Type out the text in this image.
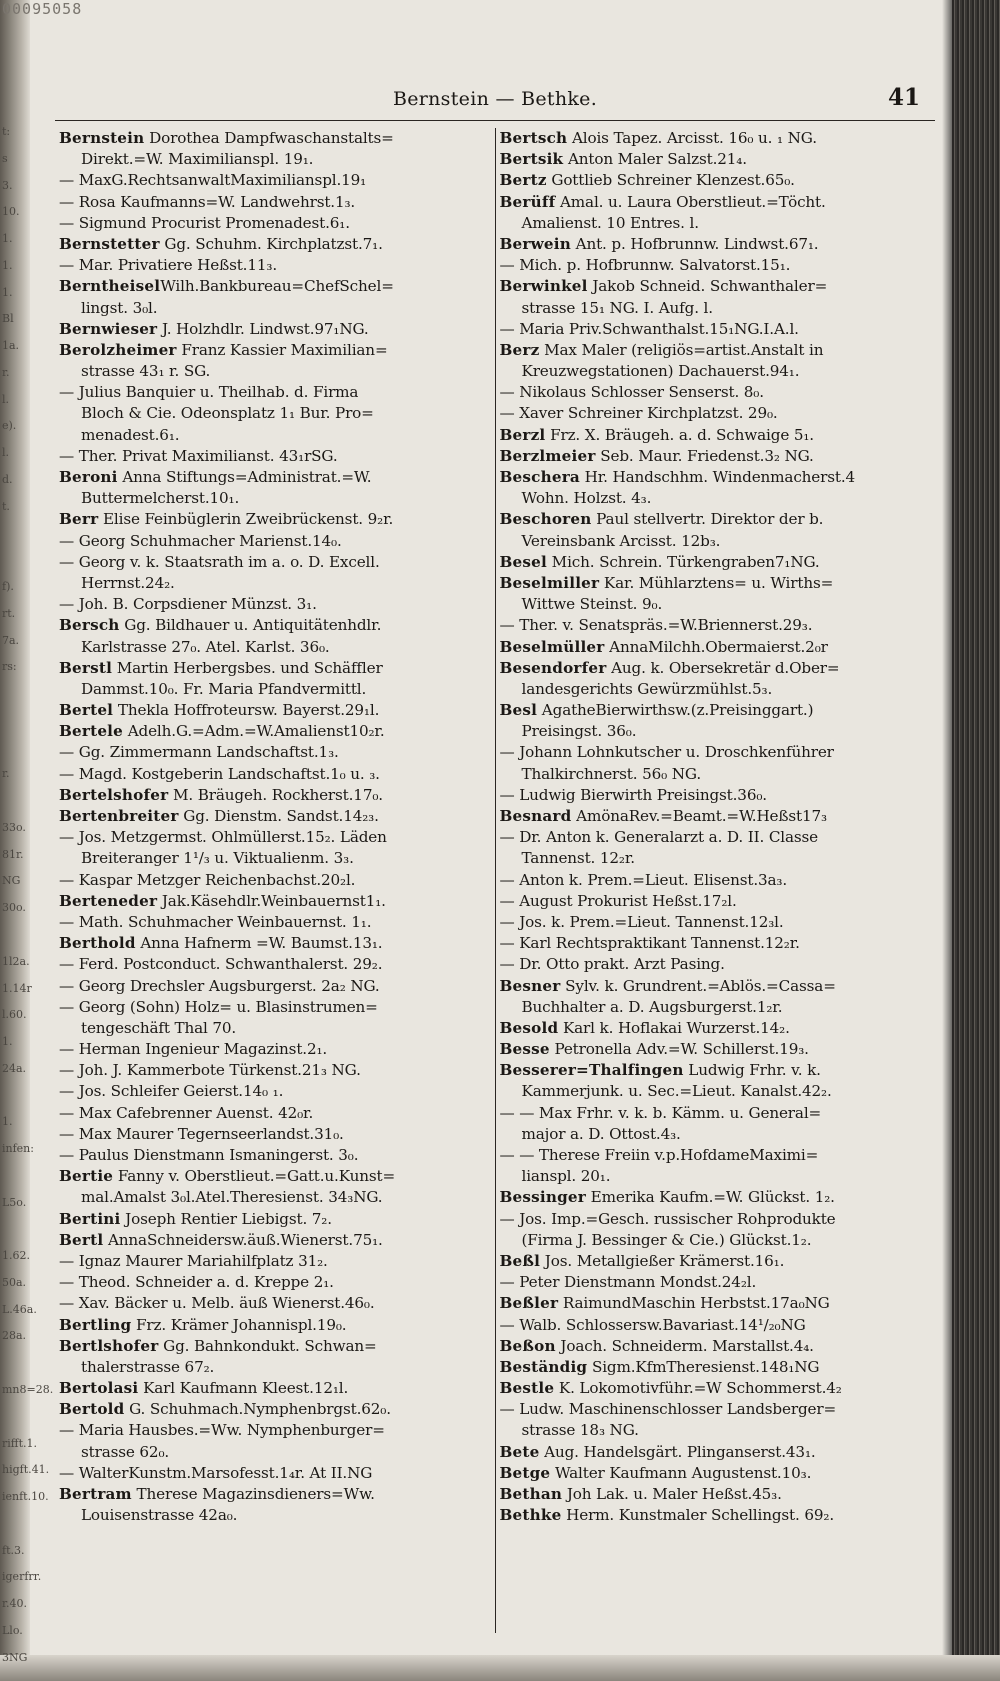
00095058
t:
s
3.
10.
1.
1.
1.
Bl
1a.
r.
l.
e).
l.
d.
t.
f).
rt.
7a.
rs:
r.
33o.
81r.
NG
30o.
1l2a.
1.14r
l.60.
1.
24a.
1.
infen:
L5o.
1.62.
50a.
L.46a.
28a.
mn8=28.
rifft.1.
higft.41.
ienft.10.
ft.3.
igerfrr.
r.40.
Llo.
3NG
Bernstein — Bethke.	41
Bernstein Dorothea Dampfwaschanstalts=
Direkt.=W. Maximilianspl. 19₁.
— MaxG.RechtsanwaltMaximilianspl.19₁
— Rosa Kaufmanns=W. Landwehrst.1₃.
— Sigmund Procurist Promenadest.6₁.
Bernstetter Gg. Schuhm. Kirchplatzst.7₁.
— Mar. Privatiere Heßst.11₃.
BerntheiselWilh.Bankbureau=ChefSchel=
lingst. 3₀l.
Bernwieser J. Holzhdlr. Lindwst.97₁NG.
Berolzheimer Franz Kassier Maximilian=
strasse 43₁ r. SG.
— Julius Banquier u. Theilhab. d. Firma
Bloch & Cie. Odeonsplatz 1₁ Bur. Pro=
menadest.6₁.
— Ther. Privat Maximilianst. 43₁rSG.
Beroni Anna Stiftungs=Administrat.=W.
Buttermelcherst.10₁.
Berr Elise Feinbüglerin Zweibrückenst. 9₂r.
— Georg Schuhmacher Marienst.14₀.
— Georg v. k. Staatsrath im a. o. D. Excell.
Herrnst.24₂.
— Joh. B. Corpsdiener Münzst. 3₁.
Bersch Gg. Bildhauer u. Antiquitätenhdlr.
Karlstrasse 27₀. Atel. Karlst. 36₀.
Berstl Martin Herbergsbes. und Schäffler
Dammst.10₀. Fr. Maria Pfandvermittl.
Bertel Thekla Hoffroteursw. Bayerst.29₁l.
Bertele Adelh.G.=Adm.=W.Amalienst10₂r.
— Gg. Zimmermann Landschaftst.1₃.
— Magd. Kostgeberin Landschaftst.1₀ u. ₃.
Bertelshofer M. Bräugeh. Rockherst.17₀.
Bertenbreiter Gg. Dienstm. Sandst.14₂₃.
— Jos. Metzgermst. Ohlmüllerst.15₂. Läden
Breiteranger 1¹/₃ u. Viktualienm. 3₃.
— Kaspar Metzger Reichenbachst.20₂l.
Berteneder Jak.Käsehdlr.Weinbauernst1₁.
— Math. Schuhmacher Weinbauernst. 1₁.
Berthold Anna Hafnerm =W. Baumst.13₁.
— Ferd. Postconduct. Schwanthalerst. 29₂.
— Georg Drechsler Augsburgerst. 2a₂ NG.
— Georg (Sohn) Holz= u. Blasinstrumen=
tengeschäft Thal 70.
— Herman Ingenieur Magazinst.2₁.
— Joh. J. Kammerbote Türkenst.21₃ NG.
— Jos. Schleifer Geierst.14₀ ₁.
— Max Cafebrenner Auenst. 42₀r.
— Max Maurer Tegernseerlandst.31₀.
— Paulus Dienstmann Ismaningerst. 3₀.
Bertie Fanny v. Oberstlieut.=Gatt.u.Kunst=
mal.Amalst 3₀l.Atel.Theresienst. 34₃NG.
Bertini Joseph Rentier Liebigst. 7₂.
Bertl AnnaSchneidersw.äuß.Wienerst.75₁.
— Ignaz Maurer Mariahilfplatz 31₂.
— Theod. Schneider a. d. Kreppe 2₁.
— Xav. Bäcker u. Melb. äuß Wienerst.46₀.
Bertling Frz. Krämer Johannispl.19₀.
Bertlshofer Gg. Bahnkondukt. Schwan=
thalerstrasse 67₂.
Bertolasi Karl Kaufmann Kleest.12₁l.
Bertold G. Schuhmach.Nymphenbrgst.62₀.
— Maria Hausbes.=Ww. Nymphenburger=
strasse 62₀.
— WalterKunstm.Marsofesst.1₄r. At II.NG
Bertram Therese Magazinsdieners=Ww.
Louisenstrasse 42a₀.
Bertsch Alois Tapez. Arcisst. 16₀ u. ₁ NG.
Bertsik Anton Maler Salzst.21₄.
Bertz Gottlieb Schreiner Klenzest.65₀.
Berüff Amal. u. Laura Oberstlieut.=Töcht.
Amalienst. 10 Entres. l.
Berwein Ant. p. Hofbrunnw. Lindwst.67₁.
— Mich. p. Hofbrunnw. Salvatorst.15₁.
Berwinkel Jakob Schneid. Schwanthaler=
strasse 15₁ NG. I. Aufg. l.
— Maria Priv.Schwanthalst.15₁NG.I.A.l.
Berz Max Maler (religiös=artist.Anstalt in
Kreuzwegstationen) Dachauerst.94₁.
— Nikolaus Schlosser Senserst. 8₀.
— Xaver Schreiner Kirchplatzst. 29₀.
Berzl Frz. X. Bräugeh. a. d. Schwaige 5₁.
Berzlmeier Seb. Maur. Friedenst.3₂ NG.
Beschera Hr. Handschhm. Windenmacherst.4
Wohn. Holzst. 4₃.
Beschoren Paul stellvertr. Direktor der b.
Vereinsbank Arcisst. 12b₃.
Besel Mich. Schrein. Türkengraben7₁NG.
Beselmiller Kar. Mühlarztens= u. Wirths=
Wittwe Steinst. 9₀.
— Ther. v. Senatspräs.=W.Briennerst.29₃.
Beselmüller AnnaMilchh.Obermaierst.2₀r
Besendorfer Aug. k. Obersekretär d.Ober=
landesgerichts Gewürzmühlst.5₃.
Besl AgatheBierwirthsw.(z.Preisinggart.)
Preisingst. 36₀.
— Johann Lohnkutscher u. Droschkenführer
Thalkirchnerst. 56₀ NG.
— Ludwig Bierwirth Preisingst.36₀.
Besnard AmönaRev.=Beamt.=W.Heßst17₃
— Dr. Anton k. Generalarzt a. D. II. Classe
Tannenst. 12₂r.
— Anton k. Prem.=Lieut. Elisenst.3a₃.
— August Prokurist Heßst.17₂l.
— Jos. k. Prem.=Lieut. Tannenst.12₃l.
— Karl Rechtspraktikant Tannenst.12₂r.
— Dr. Otto prakt. Arzt Pasing.
Besner Sylv. k. Grundrent.=Ablös.=Cassa=
Buchhalter a. D. Augsburgerst.1₂r.
Besold Karl k. Hoflakai Wurzerst.14₂.
Besse Petronella Adv.=W. Schillerst.19₃.
Besserer=Thalfingen Ludwig Frhr. v. k.
Kammerjunk. u. Sec.=Lieut. Kanalst.42₂.
— — Max Frhr. v. k. b. Kämm. u. General=
major a. D. Ottost.4₃.
— — Therese Freiin v.p.HofdameMaximi=
lianspl. 20₁.
Bessinger Emerika Kaufm.=W. Glückst. 1₂.
— Jos. Imp.=Gesch. russischer Rohprodukte
(Firma J. Bessinger & Cie.) Glückst.1₂.
Beßl Jos. Metallgießer Krämerst.16₁.
— Peter Dienstmann Mondst.24₂l.
Beßler RaimundMaschin Herbstst.17a₀NG
— Walb. Schlossersw.Bavariast.14¹/₂₀NG
Beßon Joach. Schneiderm. Marstallst.4₄.
Beständig Sigm.KfmTheresienst.148₁NG
Bestle K. Lokomotivführ.=W Schommerst.4₂
— Ludw. Maschinenschlosser Landsberger=
strasse 18₃ NG.
Bete Aug. Handelsgärt. Plinganserst.43₁.
Betge Walter Kaufmann Augustenst.10₃.
Bethan Joh Lak. u. Maler Heßst.45₃.
Bethke Herm. Kunstmaler Schellingst. 69₂.
